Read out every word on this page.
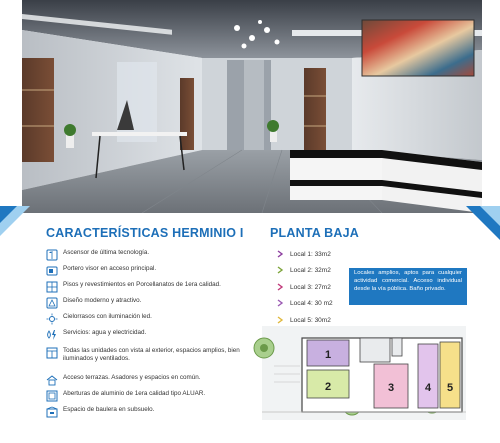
CARACTERÍSTICAS HERMINIO I
Ascensor de última tecnología.
Portero visor en acceso principal.
Pisos y revestimientos en Porcellanatos de 1era calidad.
Diseño moderno y atractivo.
Cielorrasos con iluminación led.
Servicios: agua y electricidad.
Todas las unidades con vista al exterior, espacios amplios, bien iluminados y ventilados.
Acceso terrazas. Asadores y espacios en común.
Aberturas de aluminio de 1era calidad tipo ALUAR.
Espacio de baulera en subsuelo.
PLANTA BAJA
Local 1: 33m2
Local 2: 32m2
Local 3: 27m2
Local 4: 30 m2
Local 5: 30m2
Locales amplios, aptos para cualquier actividad comercial. Acceso individual desde la vía pública. Baño privado.
1
2	3	4 5
